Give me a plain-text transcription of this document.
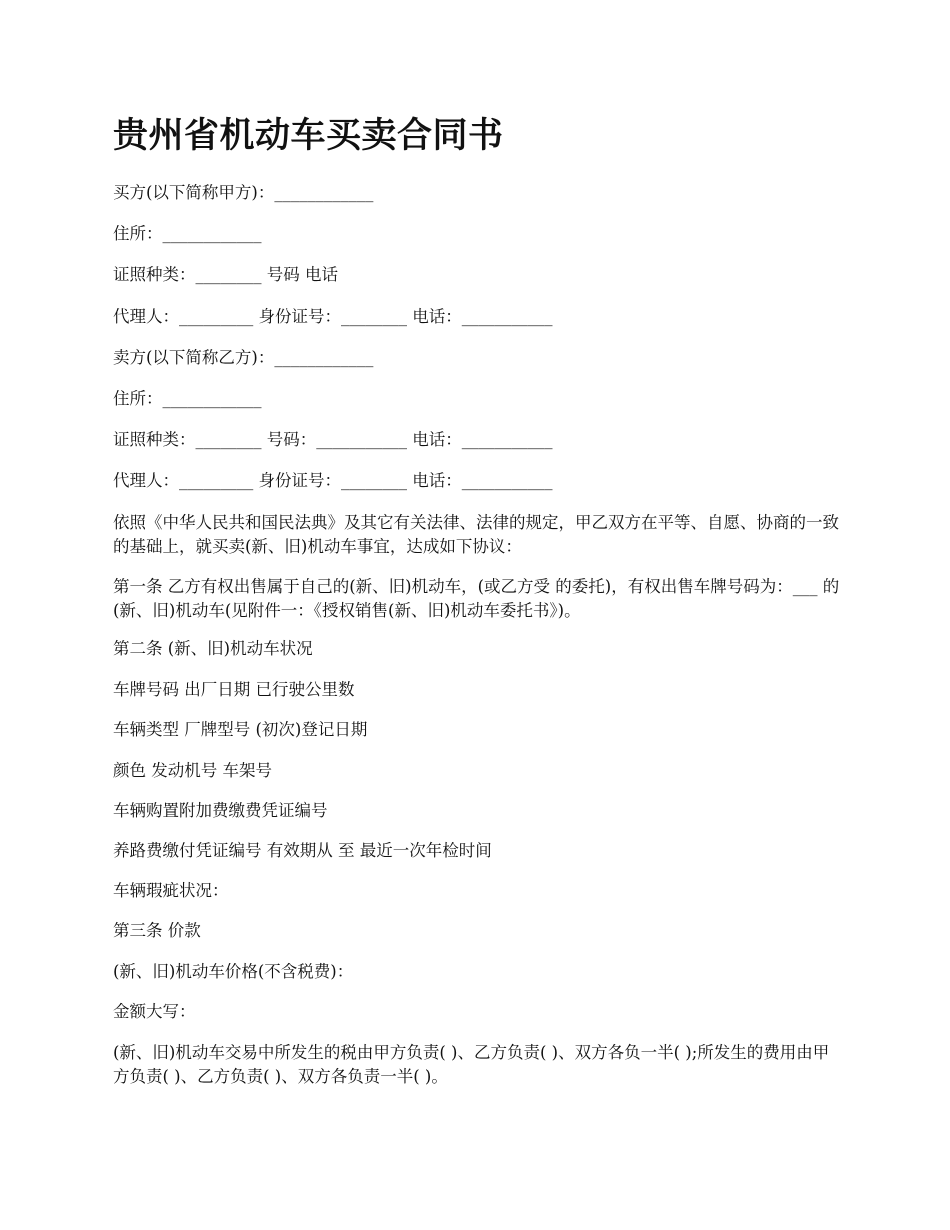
贵州省机动车买卖合同书

买方(以下简称甲方)：____________

住所：____________

证照种类：________ 号码 电话

代理人：_________ 身份证号：________ 电话：___________

卖方(以下简称乙方)：____________

住所：____________

证照种类：________ 号码：___________ 电话：___________

代理人：_________ 身份证号：________ 电话：___________

依照《中华人民共和国民法典》及其它有关法律、法律的规定，甲乙双方在平等、自愿、协商的一致的基础上，就买卖(新、旧)机动车事宜，达成如下协议：

第一条 乙方有权出售属于自己的(新、旧)机动车，(或乙方受 的委托)，有权出售车牌号码为：___ 的(新、旧)机动车(见附件一：《授权销售(新、旧)机动车委托书》)。

第二条 (新、旧)机动车状况

车牌号码 出厂日期 已行驶公里数

车辆类型 厂牌型号 (初次)登记日期

颜色 发动机号 车架号

车辆购置附加费缴费凭证编号

养路费缴付凭证编号 有效期从 至 最近一次年检时间

车辆瑕疵状况：

第三条 价款

(新、旧)机动车价格(不含税费)：

金额大写：

(新、旧)机动车交易中所发生的税由甲方负责( )、乙方负责( )、双方各负一半( );所发生的费用由甲方负责( )、乙方负责( )、双方各负责一半( )。
